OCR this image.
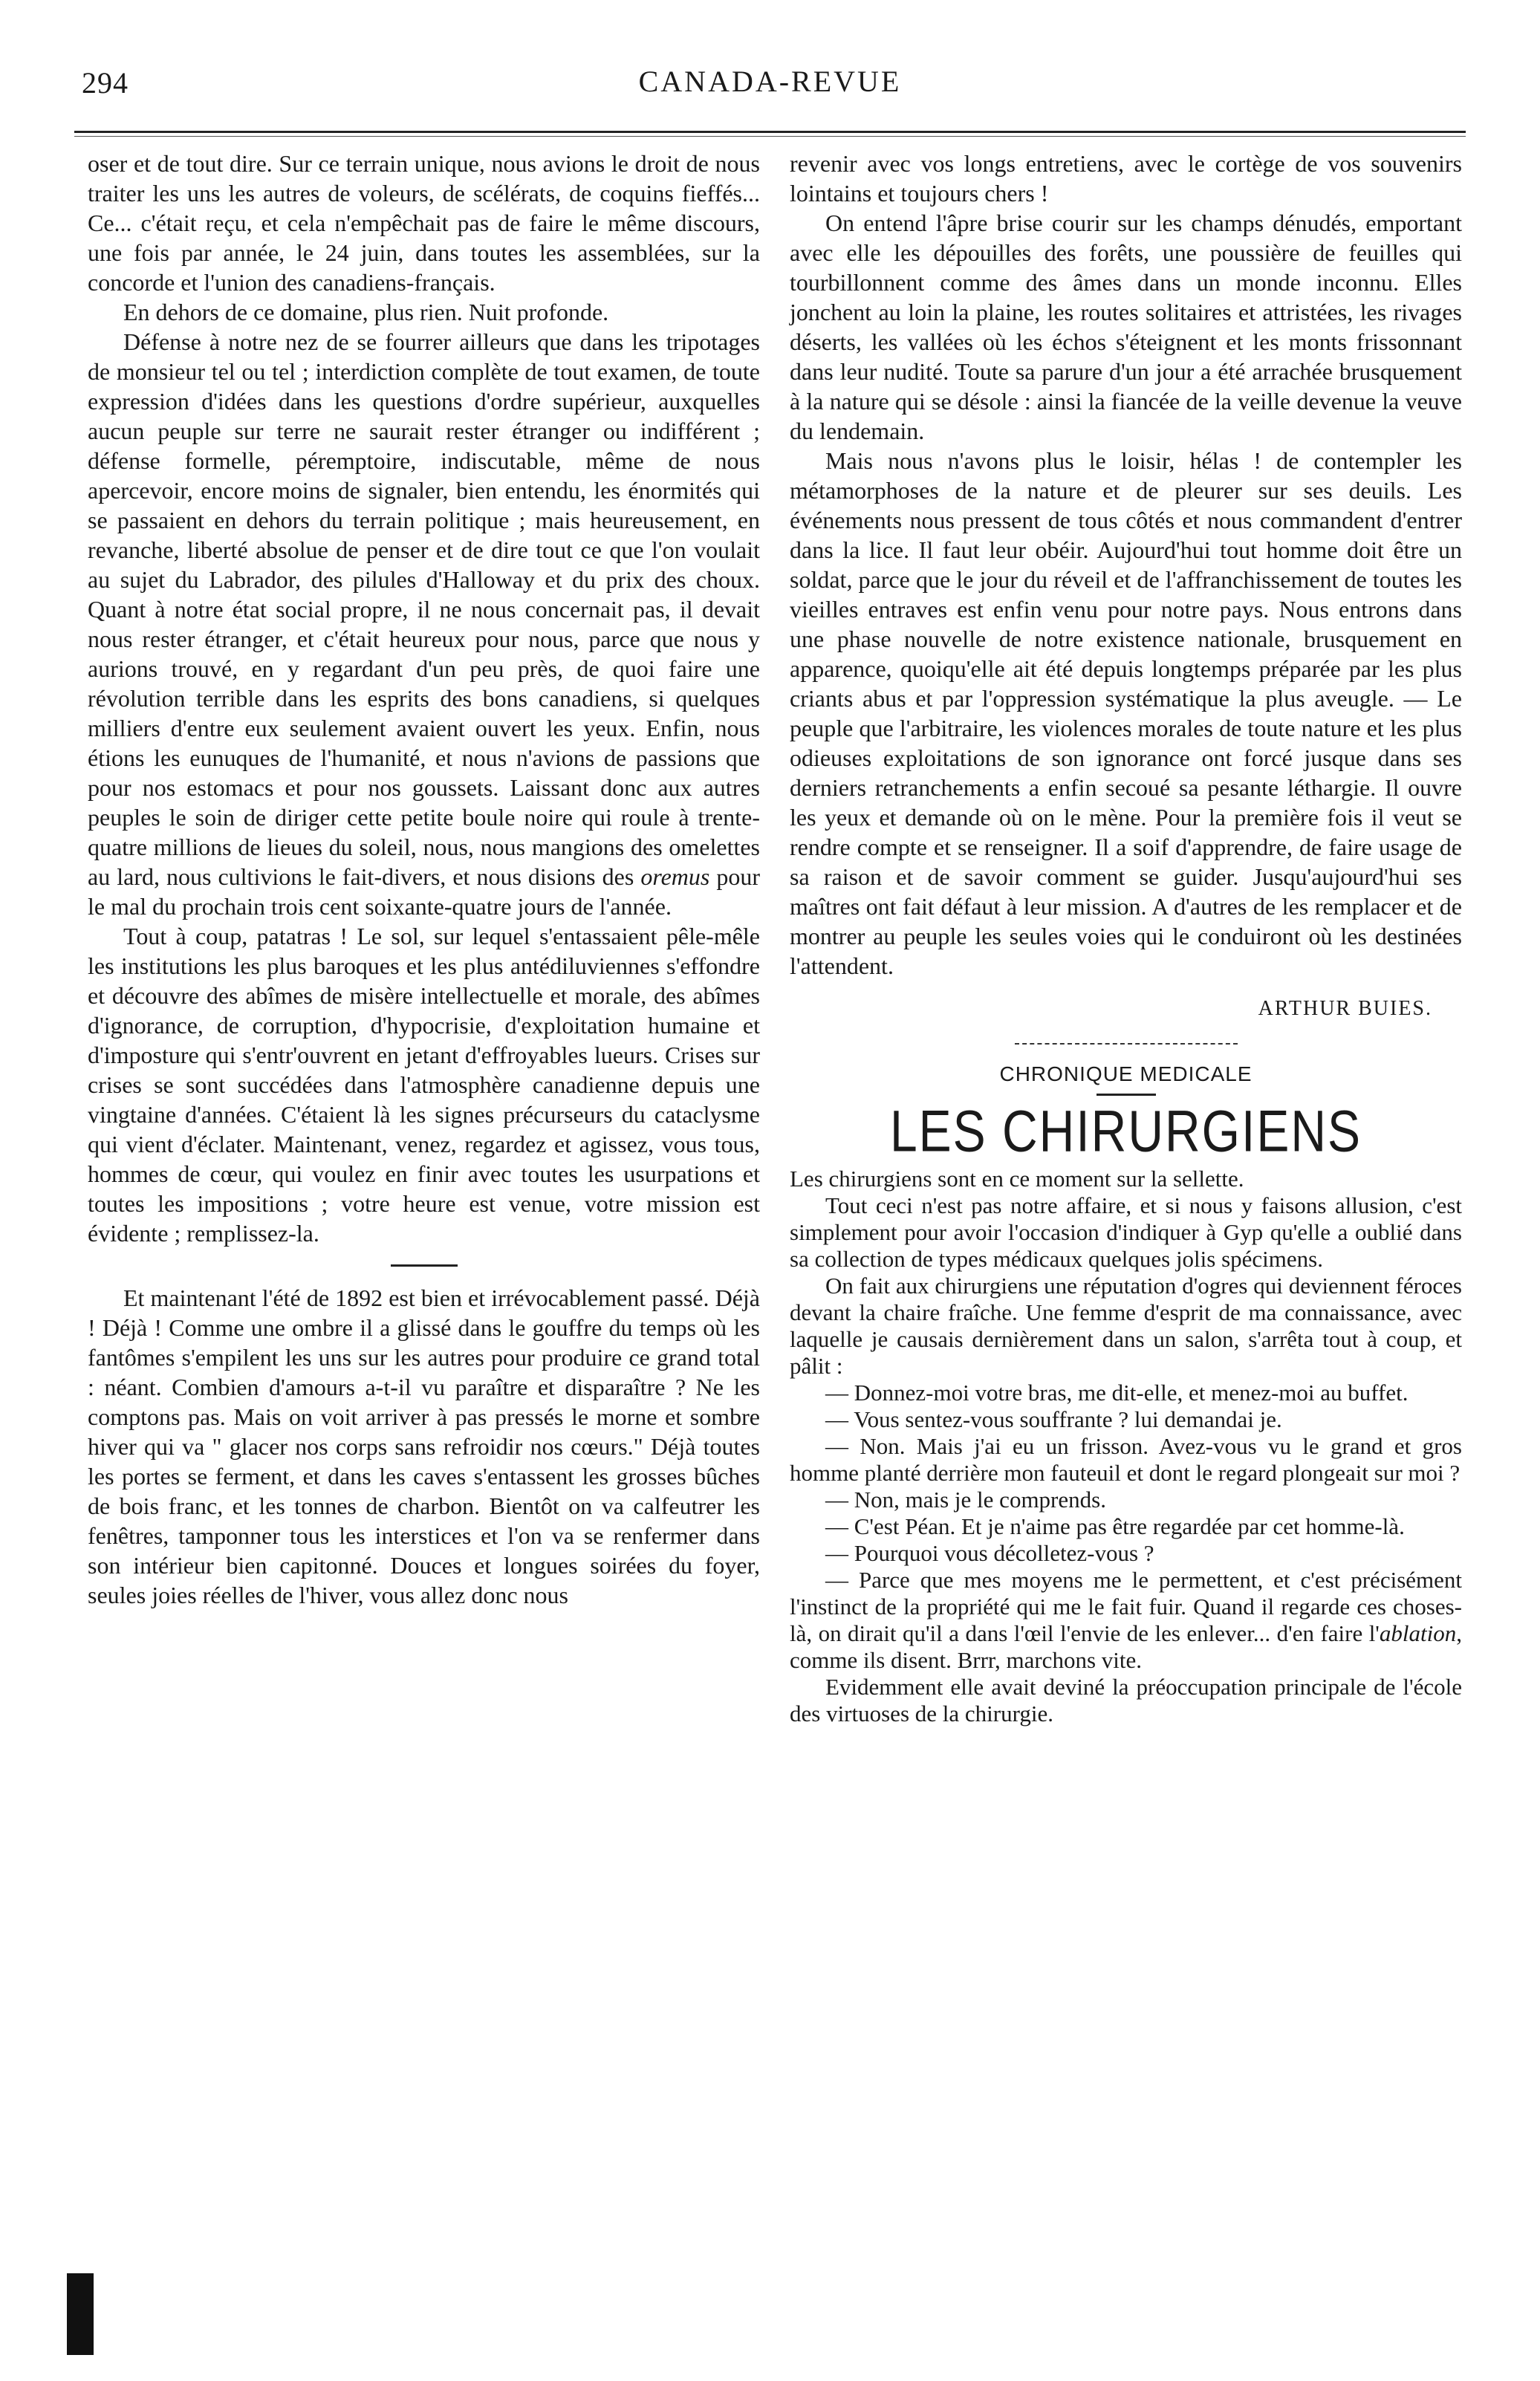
294	CANADA-REVUE

oser et de tout dire. Sur ce terrain unique, nous avions le droit de nous traiter les uns les autres de voleurs, de scélérats, de coquins fieffés... Ce... c'était reçu, et cela n'empêchait pas de faire le même discours, une fois par année, le 24 juin, dans toutes les assemblées, sur la concorde et l'union des canadiens-français.

En dehors de ce domaine, plus rien. Nuit profonde.

Défense à notre nez de se fourrer ailleurs que dans les tripotages de monsieur tel ou tel ; interdiction complète de tout examen, de toute expression d'idées dans les questions d'ordre supérieur, auxquelles aucun peuple sur terre ne saurait rester étranger ou indifférent ; défense formelle, péremptoire, indiscutable, même de nous apercevoir, encore moins de signaler, bien entendu, les énormités qui se passaient en dehors du terrain politique ; mais heureusement, en revanche, liberté absolue de penser et de dire tout ce que l'on voulait au sujet du Labrador, des pilules d'Halloway et du prix des choux. Quant à notre état social propre, il ne nous concernait pas, il devait nous rester étranger, et c'était heureux pour nous, parce que nous y aurions trouvé, en y regardant d'un peu près, de quoi faire une révolution terrible dans les esprits des bons canadiens, si quelques milliers d'entre eux seulement avaient ouvert les yeux. Enfin, nous étions les eunuques de l'humanité, et nous n'avions de passions que pour nos estomacs et pour nos goussets. Laissant donc aux autres peuples le soin de diriger cette petite boule noire qui roule à trente-quatre millions de lieues du soleil, nous, nous mangions des omelettes au lard, nous cultivions le fait-divers, et nous disions des oremus pour le mal du prochain trois cent soixante-quatre jours de l'année.

Tout à coup, patatras ! Le sol, sur lequel s'entassaient pêle-mêle les institutions les plus baroques et les plus antédiluviennes s'effondre et découvre des abîmes de misère intellectuelle et morale, des abîmes d'ignorance, de corruption, d'hypocrisie, d'exploitation humaine et d'imposture qui s'entr'ouvrent en jetant d'effroyables lueurs. Crises sur crises se sont succédées dans l'atmosphère canadienne depuis une vingtaine d'années. C'étaient là les signes précurseurs du cataclysme qui vient d'éclater. Maintenant, venez, regardez et agissez, vous tous, hommes de cœur, qui voulez en finir avec toutes les usurpations et toutes les impositions ; votre heure est venue, votre mission est évidente ; remplissez-la.

Et maintenant l'été de 1892 est bien et irrévocablement passé. Déjà ! Déjà ! Comme une ombre il a glissé dans le gouffre du temps où les fantômes s'empilent les uns sur les autres pour produire ce grand total : néant. Combien d'amours a-t-il vu paraître et disparaître ? Ne les comptons pas. Mais on voit arriver à pas pressés le morne et sombre hiver qui va " glacer nos corps sans refroidir nos cœurs." Déjà toutes les portes se ferment, et dans les caves s'entassent les grosses bûches de bois franc, et les tonnes de charbon. Bientôt on va calfeutrer les fenêtres, tamponner tous les interstices et l'on va se renfermer dans son intérieur bien capitonné. Douces et longues soirées du foyer, seules joies réelles de l'hiver, vous allez donc nous

revenir avec vos longs entretiens, avec le cortège de vos souvenirs lointains et toujours chers !

On entend l'âpre brise courir sur les champs dénudés, emportant avec elle les dépouilles des forêts, une poussière de feuilles qui tourbillonnent comme des âmes dans un monde inconnu. Elles jonchent au loin la plaine, les routes solitaires et attristées, les rivages déserts, les vallées où les échos s'éteignent et les monts frissonnant dans leur nudité. Toute sa parure d'un jour a été arrachée brusquement à la nature qui se désole : ainsi la fiancée de la veille devenue la veuve du lendemain.

Mais nous n'avons plus le loisir, hélas ! de contempler les métamorphoses de la nature et de pleurer sur ses deuils. Les événements nous pressent de tous côtés et nous commandent d'entrer dans la lice. Il faut leur obéir. Aujourd'hui tout homme doit être un soldat, parce que le jour du réveil et de l'affranchissement de toutes les vieilles entraves est enfin venu pour notre pays. Nous entrons dans une phase nouvelle de notre existence nationale, brusquement en apparence, quoiqu'elle ait été depuis longtemps préparée par les plus criants abus et par l'oppression systématique la plus aveugle. — Le peuple que l'arbitraire, les violences morales de toute nature et les plus odieuses exploitations de son ignorance ont forcé jusque dans ses derniers retranchements a enfin secoué sa pesante léthargie. Il ouvre les yeux et demande où on le mène. Pour la première fois il veut se rendre compte et se renseigner. Il a soif d'apprendre, de faire usage de sa raison et de savoir comment se guider. Jusqu'aujourd'hui ses maîtres ont fait défaut à leur mission. A d'autres de les remplacer et de montrer au peuple les seules voies qui le conduiront où les destinées l'attendent.

ARTHUR BUIES.
CHRONIQUE MEDICALE
LES CHIRURGIENS

Les chirurgiens sont en ce moment sur la sellette.

Tout ceci n'est pas notre affaire, et si nous y faisons allusion, c'est simplement pour avoir l'occasion d'indiquer à Gyp qu'elle a oublié dans sa collection de types médicaux quelques jolis spécimens.

On fait aux chirurgiens une réputation d'ogres qui deviennent féroces devant la chaire fraîche. Une femme d'esprit de ma connaissance, avec laquelle je causais dernièrement dans un salon, s'arrêta tout à coup, et pâlit :

— Donnez-moi votre bras, me dit-elle, et menez-moi au buffet.

— Vous sentez-vous souffrante ? lui demandai je.

— Non. Mais j'ai eu un frisson. Avez-vous vu le grand et gros homme planté derrière mon fauteuil et dont le regard plongeait sur moi ?

— Non, mais je le comprends.

— C'est Péan. Et je n'aime pas être regardée par cet homme-là.

— Pourquoi vous décolletez-vous ?

— Parce que mes moyens me le permettent, et c'est précisément l'instinct de la propriété qui me le fait fuir. Quand il regarde ces choses-là, on dirait qu'il a dans l'œil l'envie de les enlever... d'en faire l'ablation, comme ils disent. Brrr, marchons vite.

Evidemment elle avait deviné la préoccupation principale de l'école des virtuoses de la chirurgie.
